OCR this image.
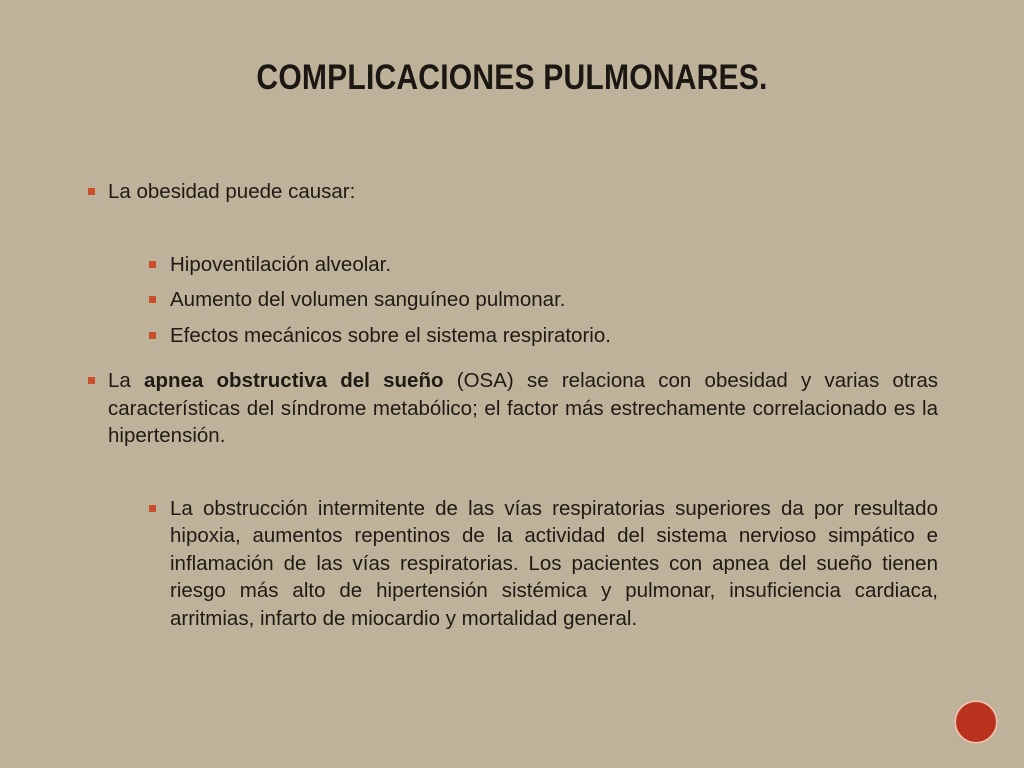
COMPLICACIONES PULMONARES.
La obesidad puede causar:
Hipoventilación alveolar.
Aumento del volumen sanguíneo pulmonar.
Efectos mecánicos sobre el sistema respiratorio.
La apnea obstructiva del sueño (OSA) se relaciona con obesidad y varias otras características del síndrome metabólico; el factor más estrechamente correlacionado es la hipertensión.
La obstrucción intermitente de las vías respiratorias superiores da por resultado hipoxia, aumentos repentinos de la actividad del sistema nervioso simpático e inflamación de las vías respiratorias. Los pacientes con apnea del sueño tienen riesgo más alto de hipertensión sistémica y pulmonar, insuficiencia cardiaca, arritmias, infarto de miocardio y mortalidad general.
